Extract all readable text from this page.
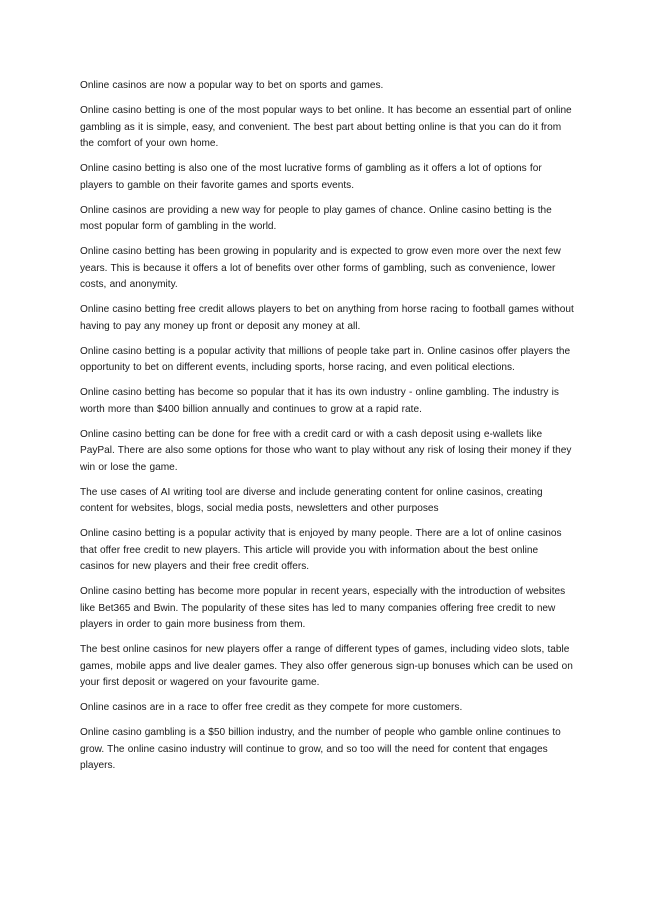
Online casinos are now a popular way to bet on sports and games.

Online casino betting is one of the most popular ways to bet online. It has become an essential part of online gambling as it is simple, easy, and convenient. The best part about betting online is that you can do it from the comfort of your own home.

Online casino betting is also one of the most lucrative forms of gambling as it offers a lot of options for players to gamble on their favorite games and sports events.

Online casinos are providing a new way for people to play games of chance. Online casino betting is the most popular form of gambling in the world.

Online casino betting has been growing in popularity and is expected to grow even more over the next few years. This is because it offers a lot of benefits over other forms of gambling, such as convenience, lower costs, and anonymity.

Online casino betting free credit allows players to bet on anything from horse racing to football games without having to pay any money up front or deposit any money at all.

Online casino betting is a popular activity that millions of people take part in. Online casinos offer players the opportunity to bet on different events, including sports, horse racing, and even political elections.

Online casino betting has become so popular that it has its own industry - online gambling. The industry is worth more than $400 billion annually and continues to grow at a rapid rate.

Online casino betting can be done for free with a credit card or with a cash deposit using e-wallets like PayPal. There are also some options for those who want to play without any risk of losing their money if they win or lose the game.

The use cases of AI writing tool are diverse and include generating content for online casinos, creating content for websites, blogs, social media posts, newsletters and other purposes

Online casino betting is a popular activity that is enjoyed by many people. There are a lot of online casinos that offer free credit to new players. This article will provide you with information about the best online casinos for new players and their free credit offers.

Online casino betting has become more popular in recent years, especially with the introduction of websites like Bet365 and Bwin. The popularity of these sites has led to many companies offering free credit to new players in order to gain more business from them.

The best online casinos for new players offer a range of different types of games, including video slots, table games, mobile apps and live dealer games. They also offer generous sign-up bonuses which can be used on your first deposit or wagered on your favourite game.

Online casinos are in a race to offer free credit as they compete for more customers.

Online casino gambling is a $50 billion industry, and the number of people who gamble online continues to grow. The online casino industry will continue to grow, and so too will the need for content that engages players.
